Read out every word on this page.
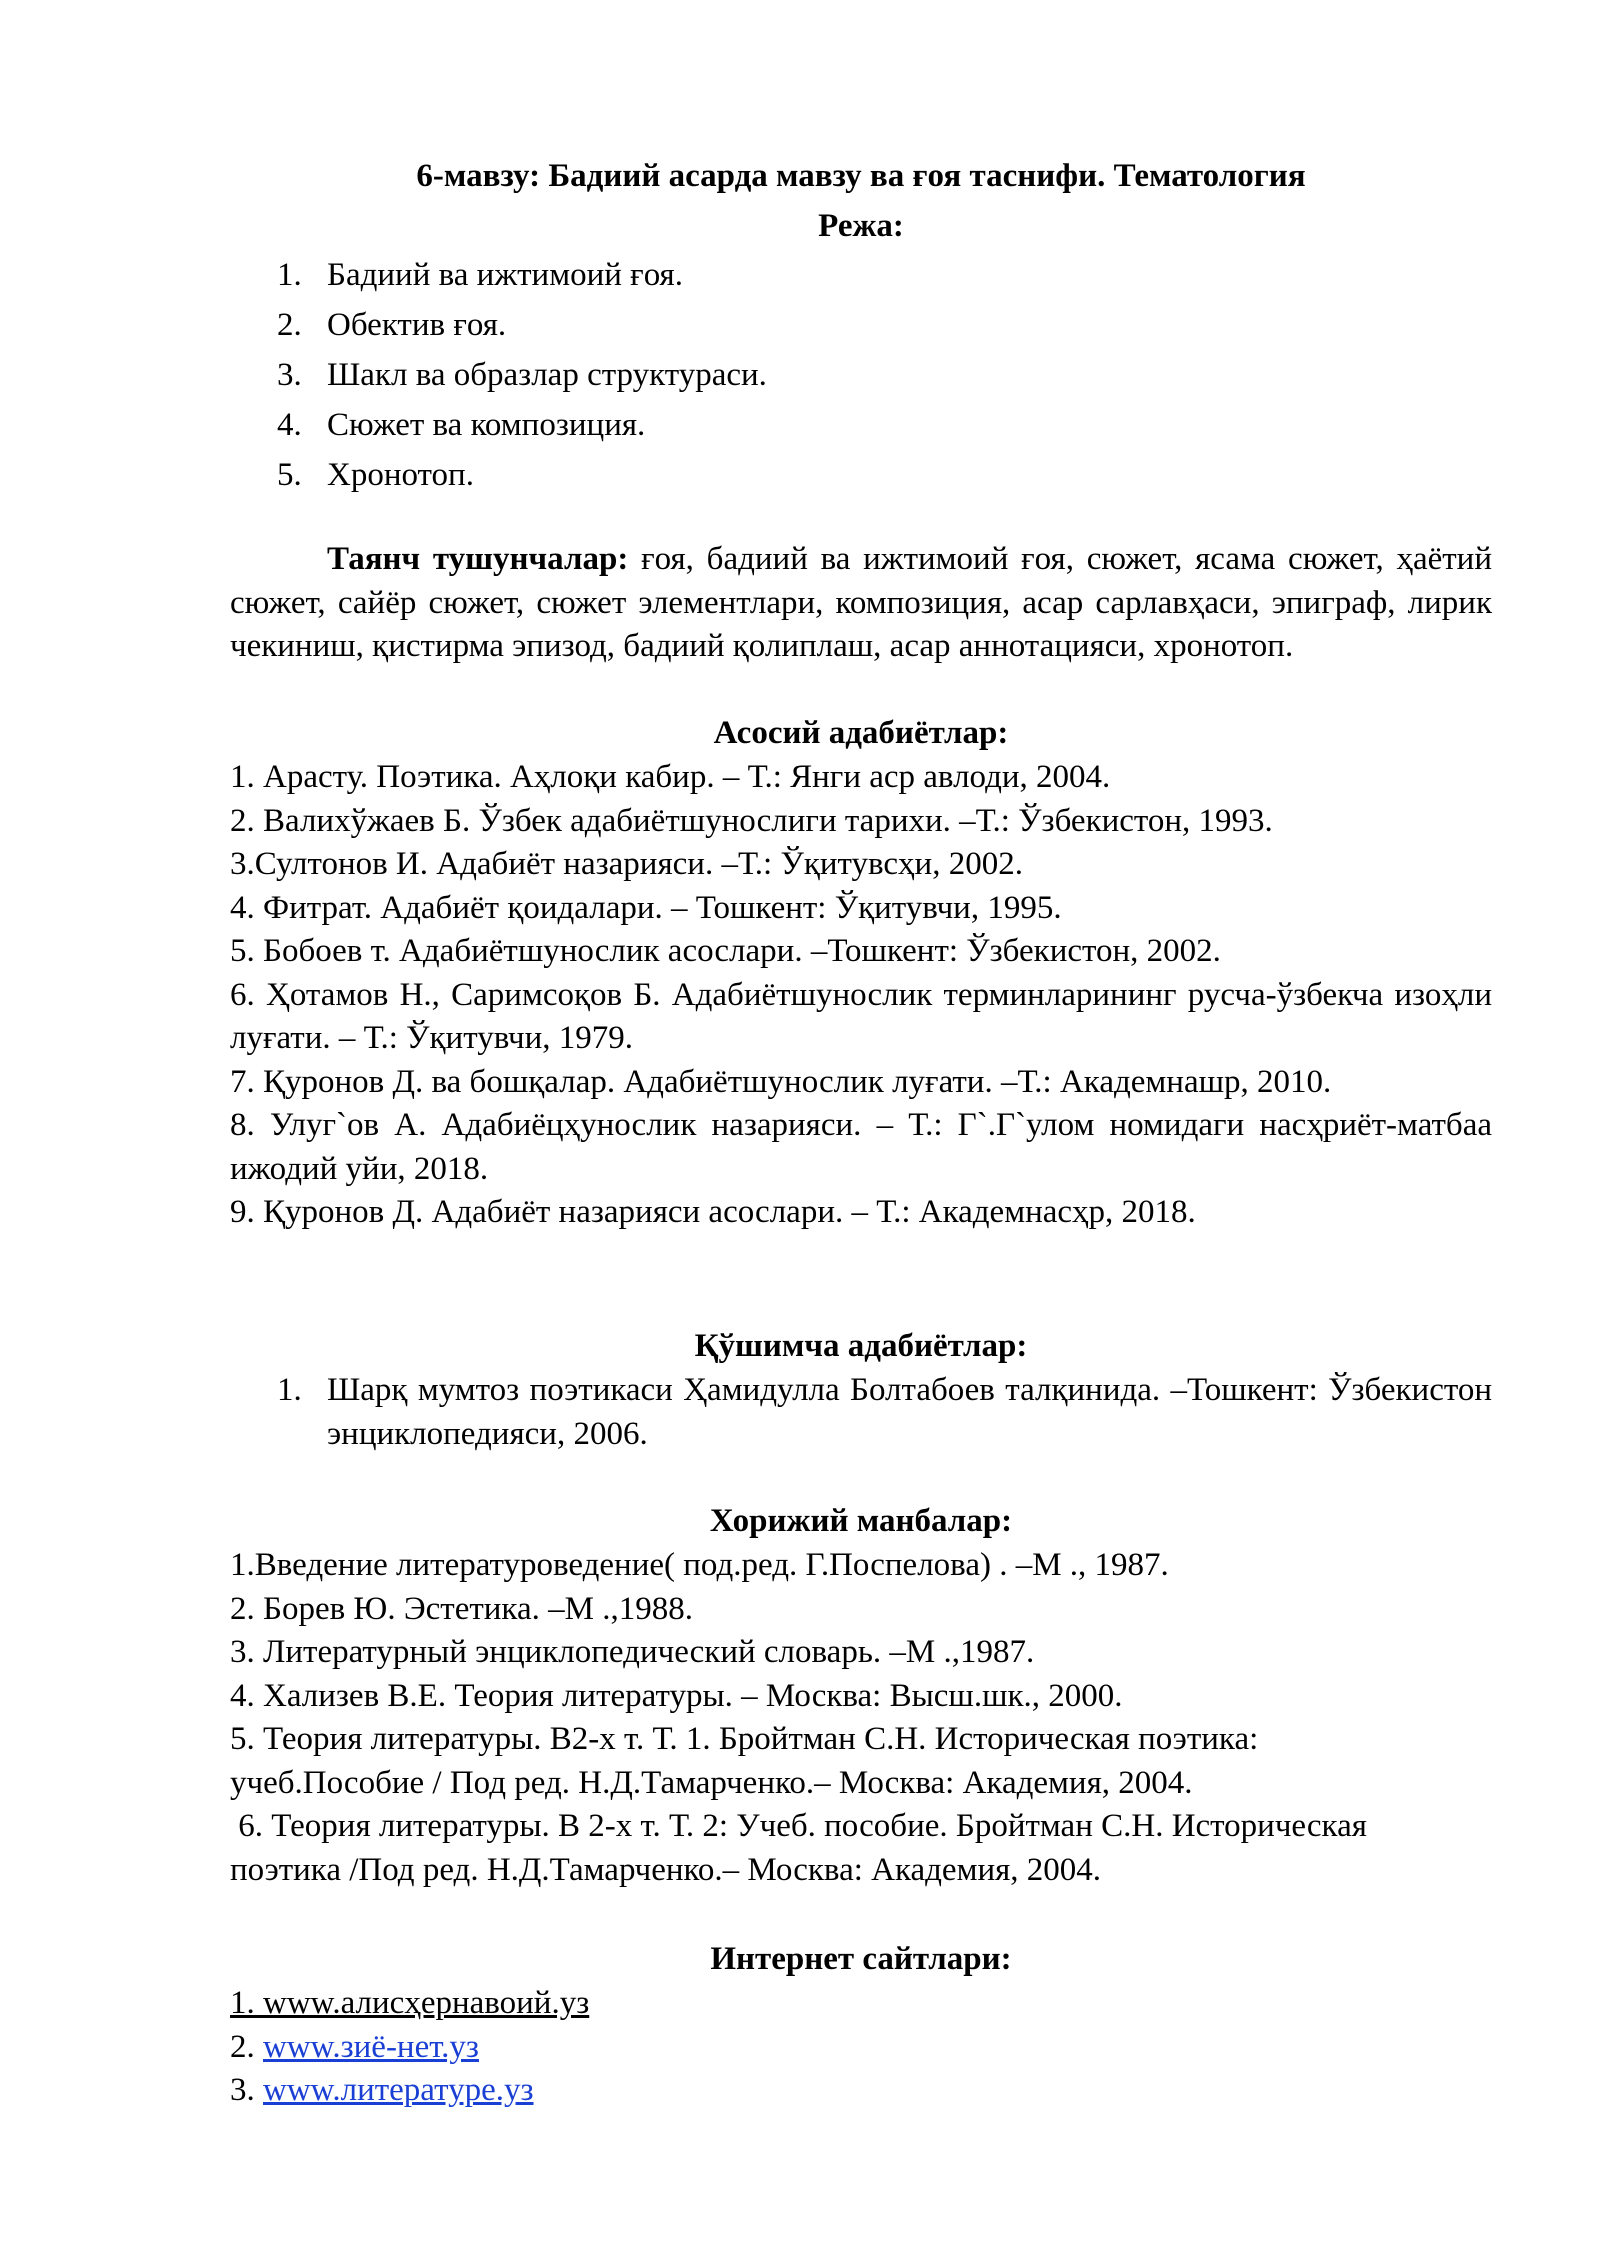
6-мавзу: Бадиий асарда мавзу ва ғоя таснифи. Тематология
Режа:
1. Бадиий ва ижтимоий ғоя.
2. Обектив ғоя.
3. Шакл ва образлар структураси.
4. Сюжет ва композиция.
5. Хронотоп.
Таянч тушунчалар: ғоя, бадиий ва ижтимоий ғоя, сюжет, ясама сюжет, ҳаётий сюжет, сайёр сюжет, сюжет элементлари, композиция, асар сарлавҳаси, эпиграф, лирик чекиниш, қистирма эпизод, бадиий қолиплаш, асар аннотацияси, хронотоп.
Асосий адабиётлар:
1. Арасту. Поэтика. Аҳлоқи кабир. – Т.: Янги аср авлоди, 2004.
2. Валихўжаев Б. Ўзбек адабиётшунослиги тарихи. –Т.: Ўзбекистон, 1993.
3.Султонов И. Адабиёт назарияси. –Т.: Ўқитувсҳи, 2002.
4. Фитрат. Адабиёт қоидалари. – Тошкент: Ўқитувчи, 1995.
5. Бобоев т. Адабиётшунослик асослари. –Тошкент: Ўзбекистон, 2002.
6. Ҳотамов Н., Саримсоқов Б. Адабиётшунослик терминларининг русча-ўзбекча изоҳли луғати. – Т.: Ўқитувчи, 1979.
7. Қуронов Д. ва бошқалар. Адабиётшунослик луғати. –Т.: Академнашр, 2010.
8. Улуг`ов А. Адабиёцҳунослик назарияси. – Т.: Г`.Г`улом номидаги насҳриёт-матбаа ижодий уйи, 2018.
9. Қуронов Д. Адабиёт назарияси асослари. – Т.: Академнасҳр, 2018.
Қўшимча адабиётлар:
1. Шарқ мумтоз поэтикаси Ҳамидулла Болтабоев талқинида. –Тошкент: Ўзбекистон энциклопедияси, 2006.
Хорижий манбалар:
1.Введение литературоведение( под.ред. Г.Поспелова) . –М ., 1987.
2. Борев Ю. Эстетика. –М .,1988.
3. Литературный энциклопедический словарь. –М .,1987.
4. Хализев В.Е. Теория литературы. – Москва: Высш.шк., 2000.
5. Теория литературы. В2-х т. Т. 1. Бройтман С.Н. Историческая поэтика: учеб.Пособие / Под ред. Н.Д.Тамарченко.– Москва: Академия, 2004.
6. Теория литературы. В 2-х т. Т. 2: Учеб. пособие. Бройтман С.Н. Историческая поэтика /Под ред. Н.Д.Тамарченко.– Москва: Академия, 2004.
Интернет сайтлари:
1. www.алисҳернавоий.уз
2. www.зиё-нет.уз
3. www.литературе.уз
